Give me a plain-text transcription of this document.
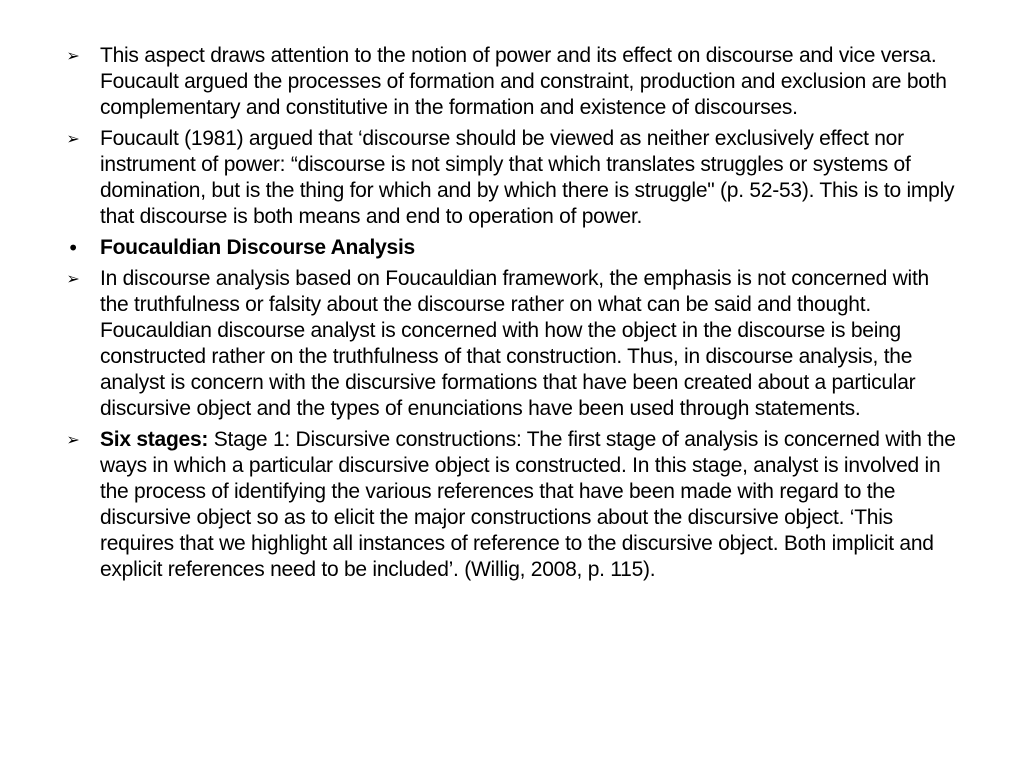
➢
This aspect draws attention to the notion of power and its effect on discourse and vice versa. Foucault argued the processes of formation and constraint, production and exclusion are both complementary and constitutive in the formation and existence of discourses.
➢
Foucault (1981) argued that ‘discourse should be viewed as neither exclusively effect nor instrument of power: “discourse is not simply that which translates struggles or systems of domination, but is the thing for which and by which there is struggle" (p. 52-53). This is to imply that discourse is both means and end to operation of power.
•
Foucauldian Discourse Analysis
➢
In discourse analysis based on Foucauldian framework, the emphasis is not concerned with the truthfulness or falsity about the discourse rather on what can be said and thought. Foucauldian discourse analyst is concerned with how the object in the discourse is being constructed rather on the truthfulness of that construction. Thus, in discourse analysis, the analyst is concern with the discursive formations that have been created about a particular discursive object and the types of enunciations have been used through statements.
➢
Six stages: Stage 1: Discursive constructions: The first stage of analysis is concerned with the ways in which a particular discursive object is constructed. In this stage, analyst is involved in the process of identifying the various references that have been made with regard to the discursive object so as to elicit the major constructions about the discursive object. ‘This requires that we highlight all instances of reference to the discursive object. Both implicit and explicit references need to be included’. (Willig, 2008, p. 115).
